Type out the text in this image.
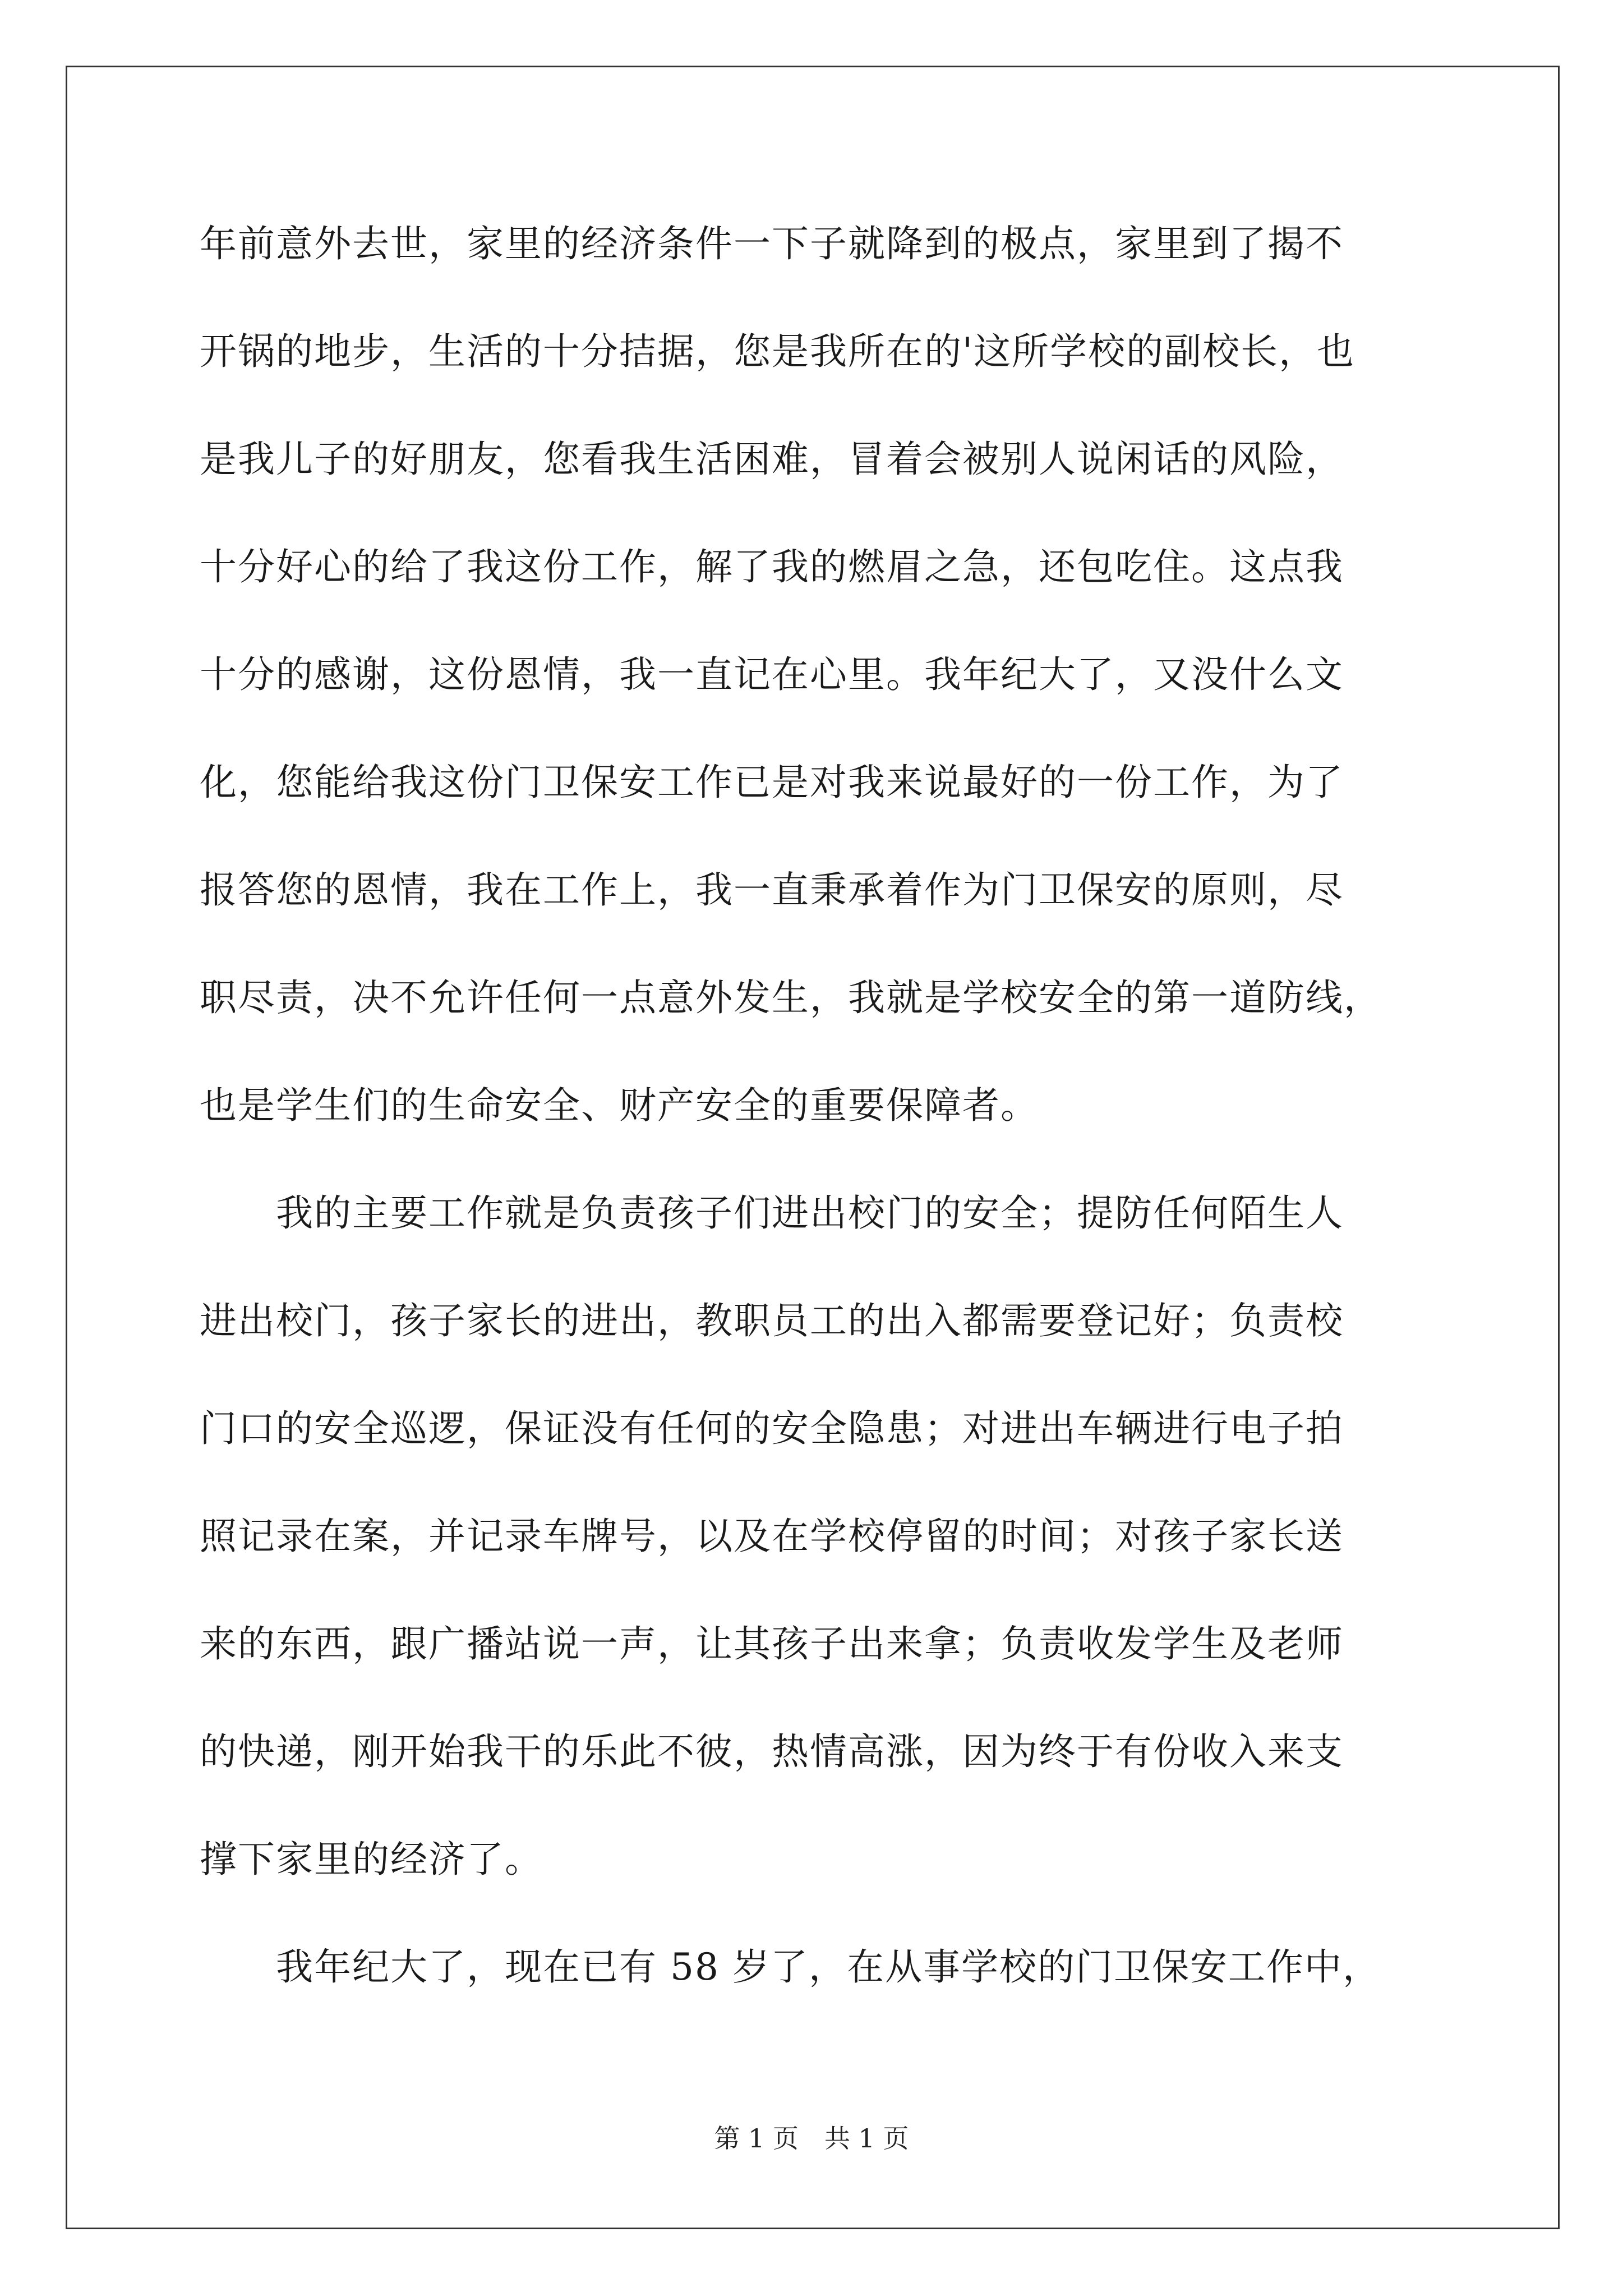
年前意外去世，家里的经济条件一下子就降到的极点，家里到了揭不
开锅的地步，生活的十分拮据，您是我所在的'这所学校的副校长，也
是我儿子的好朋友，您看我生活困难，冒着会被别人说闲话的风险，
十分好心的给了我这份工作，解了我的燃眉之急，还包吃住。这点我
十分的感谢，这份恩情，我一直记在心里。我年纪大了，又没什么文
化，您能给我这份门卫保安工作已是对我来说最好的一份工作，为了
报答您的恩情，我在工作上，我一直秉承着作为门卫保安的原则，尽
职尽责，决不允许任何一点意外发生，我就是学校安全的第一道防线，
也是学生们的生命安全、财产安全的重要保障者。
　　我的主要工作就是负责孩子们进出校门的安全；提防任何陌生人
进出校门，孩子家长的进出，教职员工的出入都需要登记好；负责校
门口的安全巡逻，保证没有任何的安全隐患；对进出车辆进行电子拍
照记录在案，并记录车牌号，以及在学校停留的时间；对孩子家长送
来的东西，跟广播站说一声，让其孩子出来拿；负责收发学生及老师
的快递，刚开始我干的乐此不彼，热情高涨，因为终于有份收入来支
撑下家里的经济了。
　　我年纪大了，现在已有 58 岁了，在从事学校的门卫保安工作中，
第 1 页　共 1 页
